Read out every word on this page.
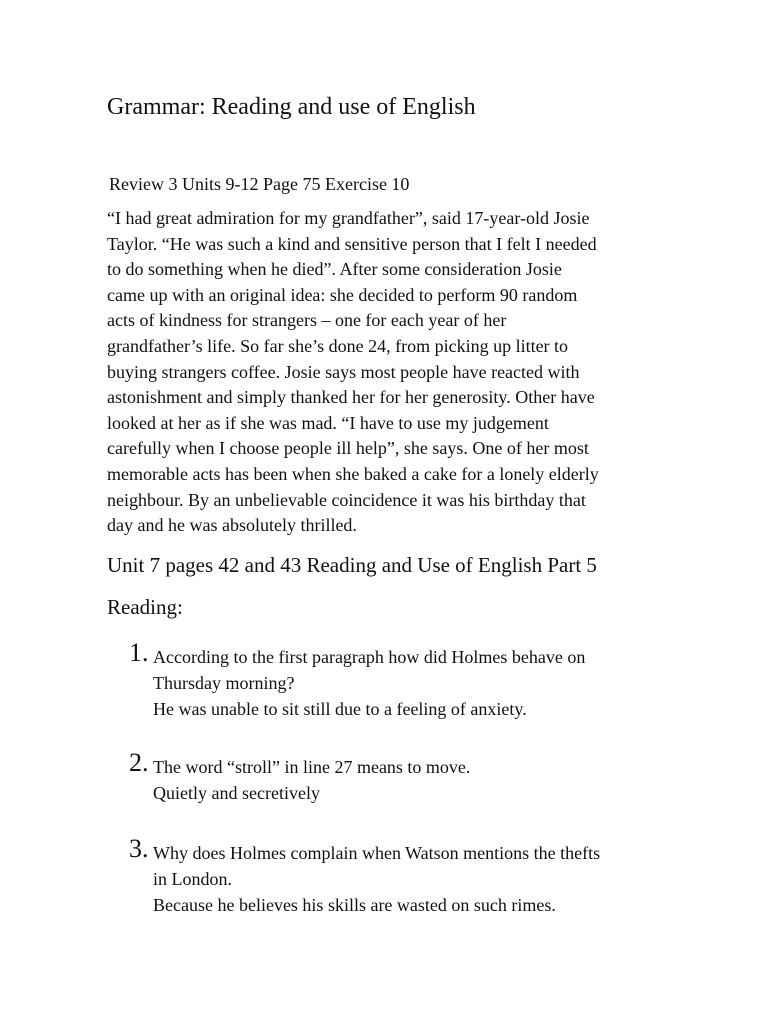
Grammar: Reading and use of English

Review 3 Units 9-12 Page 75 Exercise 10

“I had great admiration for my grandfather”, said 17-year-old Josie
Taylor. “He was such a kind and sensitive person that I felt I needed
to do something when he died”. After some consideration Josie
came up with an original idea: she decided to perform 90 random
acts of kindness for strangers – one for each year of her
grandfather’s life. So far she’s done 24, from picking up litter to
buying strangers coffee. Josie says most people have reacted with
astonishment and simply thanked her for her generosity. Other have
looked at her as if she was mad. “I have to use my judgement
carefully when I choose people ill help”, she says. One of her most
memorable acts has been when she baked a cake for a lonely elderly
neighbour. By an unbelievable coincidence it was his birthday that
day and he was absolutely thrilled.

Unit 7 pages 42 and 43 Reading and Use of English Part 5
Reading:
1. According to the first paragraph how did Holmes behave on
Thursday morning?
He was unable to sit still due to a feeling of anxiety.
2. The word “stroll” in line 27 means to move.
Quietly and secretively
3. Why does Holmes complain when Watson mentions the thefts
in London.
Because he believes his skills are wasted on such rimes.
